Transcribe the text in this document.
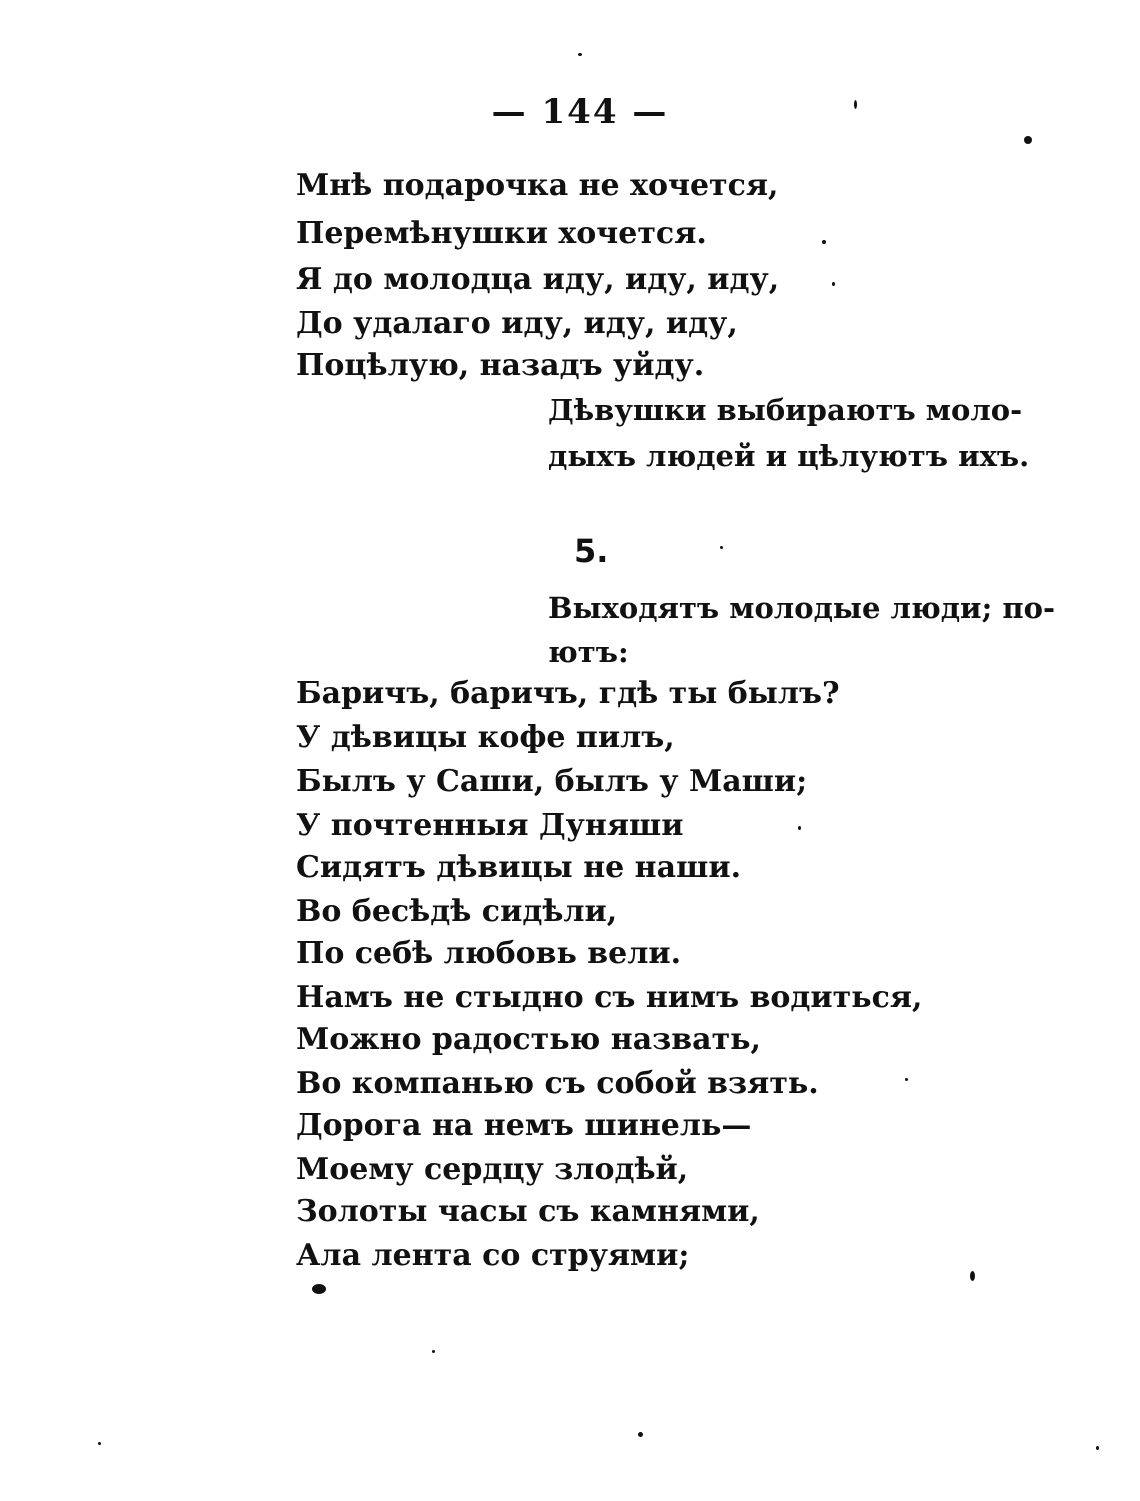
— 144 —
Мнѣ подарочка не хочется,
Перемѣнушки хочется.
Я до молодца иду, иду, иду,
До удалаго иду, иду, иду,
Поцѣлую, назадъ уйду.
Дѣвушки выбираютъ моло-
дыхъ людей и цѣлуютъ ихъ.
5.
Выходятъ молодые люди; по-
ютъ:
Баричъ, баричъ, гдѣ ты былъ?
У дѣвицы кофе пилъ,
Былъ у Саши, былъ у Маши;
У почтенныя Дуняши
Сидятъ дѣвицы не наши.
Во бесѣдѣ сидѣли,
По себѣ любовь вели.
Намъ не стыдно съ нимъ водиться,
Можно радостью назвать,
Во компанью съ собой взять.
Дорога на немъ шинель—
Моему сердцу злодѣй,
Золоты часы съ камнями,
Ала лента со струями;
